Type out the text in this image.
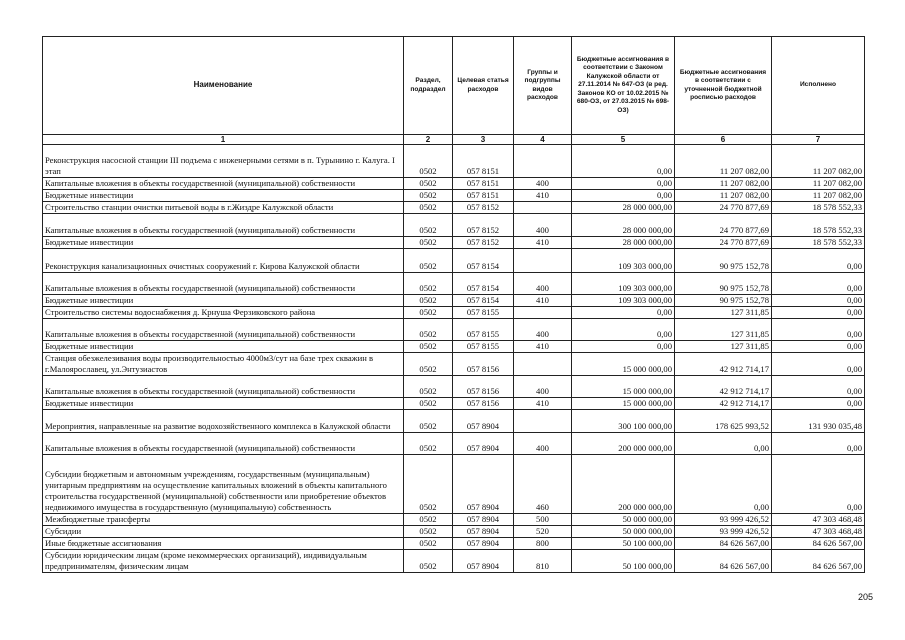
Наименование	Раздел, подраздел	Целевая статья расходов	Группы и подгруппы видов расходов	Бюджетные ассигнования в соответствии с Законом Калужской области от 27.11.2014 № 647-ОЗ (в ред. Законов КО от 10.02.2015 № 680-ОЗ, от 27.03.2015 № 698-ОЗ)	Бюджетные ассигнования в соответствии с уточненной бюджетной росписью расходов	Исполнено
1	2	3	4	5	6	7
Реконструкция насосной станции III подъема с инженерными сетями в п. Турынино г. Калуга. I этап	0502	057 8151		0,00	11 207 082,00	11 207 082,00
Капитальные вложения в объекты государственной (муниципальной) собственности	0502	057 8151	400	0,00	11 207 082,00	11 207 082,00
Бюджетные инвестиции	0502	057 8151	410	0,00	11 207 082,00	11 207 082,00
Строительство станции очистки питьевой воды в г.Жиздре Калужской области	0502	057 8152		28 000 000,00	24 770 877,69	18 578 552,33
Капитальные вложения в объекты государственной (муниципальной) собственности	0502	057 8152	400	28 000 000,00	24 770 877,69	18 578 552,33
Бюджетные инвестиции	0502	057 8152	410	28 000 000,00	24 770 877,69	18 578 552,33
Реконструкция канализационных очистных сооружений г. Кирова Калужской области	0502	057 8154		109 303 000,00	90 975 152,78	0,00
Капитальные вложения в объекты государственной (муниципальной) собственности	0502	057 8154	400	109 303 000,00	90 975 152,78	0,00
Бюджетные инвестиции	0502	057 8154	410	109 303 000,00	90 975 152,78	0,00
Строительство системы водоснабжения д. Крнуша Ферзиковского района	0502	057 8155		0,00	127 311,85	0,00
Капитальные вложения в объекты государственной (муниципальной) собственности	0502	057 8155	400	0,00	127 311,85	0,00
Бюджетные инвестиции	0502	057 8155	410	0,00	127 311,85	0,00
Станция обезжелезивания воды производительностью 4000м3/сут на базе трех скважин в г.Малоярославец, ул.Энтузиастов	0502	057 8156		15 000 000,00	42 912 714,17	0,00
Капитальные вложения в объекты государственной (муниципальной) собственности	0502	057 8156	400	15 000 000,00	42 912 714,17	0,00
Бюджетные инвестиции	0502	057 8156	410	15 000 000,00	42 912 714,17	0,00
Мероприятия, направленные на развитие водохозяйственного комплекса в Калужской области	0502	057 8904		300 100 000,00	178 625 993,52	131 930 035,48
Капитальные вложения в объекты государственной (муниципальной) собственности	0502	057 8904	400	200 000 000,00	0,00	0,00
Субсидии бюджетным и автономным учреждениям, государственным (муниципальным) унитарным предприятиям на осуществление капитальных вложений в объекты капитального строительства государственной (муниципальной) собственности или приобретение объектов недвижимого имущества в государственную (муниципальную) собственность	0502	057 8904	460	200 000 000,00	0,00	0,00
Межбюджетные трансферты	0502	057 8904	500	50 000 000,00	93 999 426,52	47 303 468,48
Субсидии	0502	057 8904	520	50 000 000,00	93 999 426,52	47 303 468,48
Иные бюджетные ассигнования	0502	057 8904	800	50 100 000,00	84 626 567,00	84 626 567,00
Субсидии юридическим лицам (кроме некоммерческих организаций), индивидуальным предпринимателям, физическим лицам	0502	057 8904	810	50 100 000,00	84 626 567,00	84 626 567,00
205
